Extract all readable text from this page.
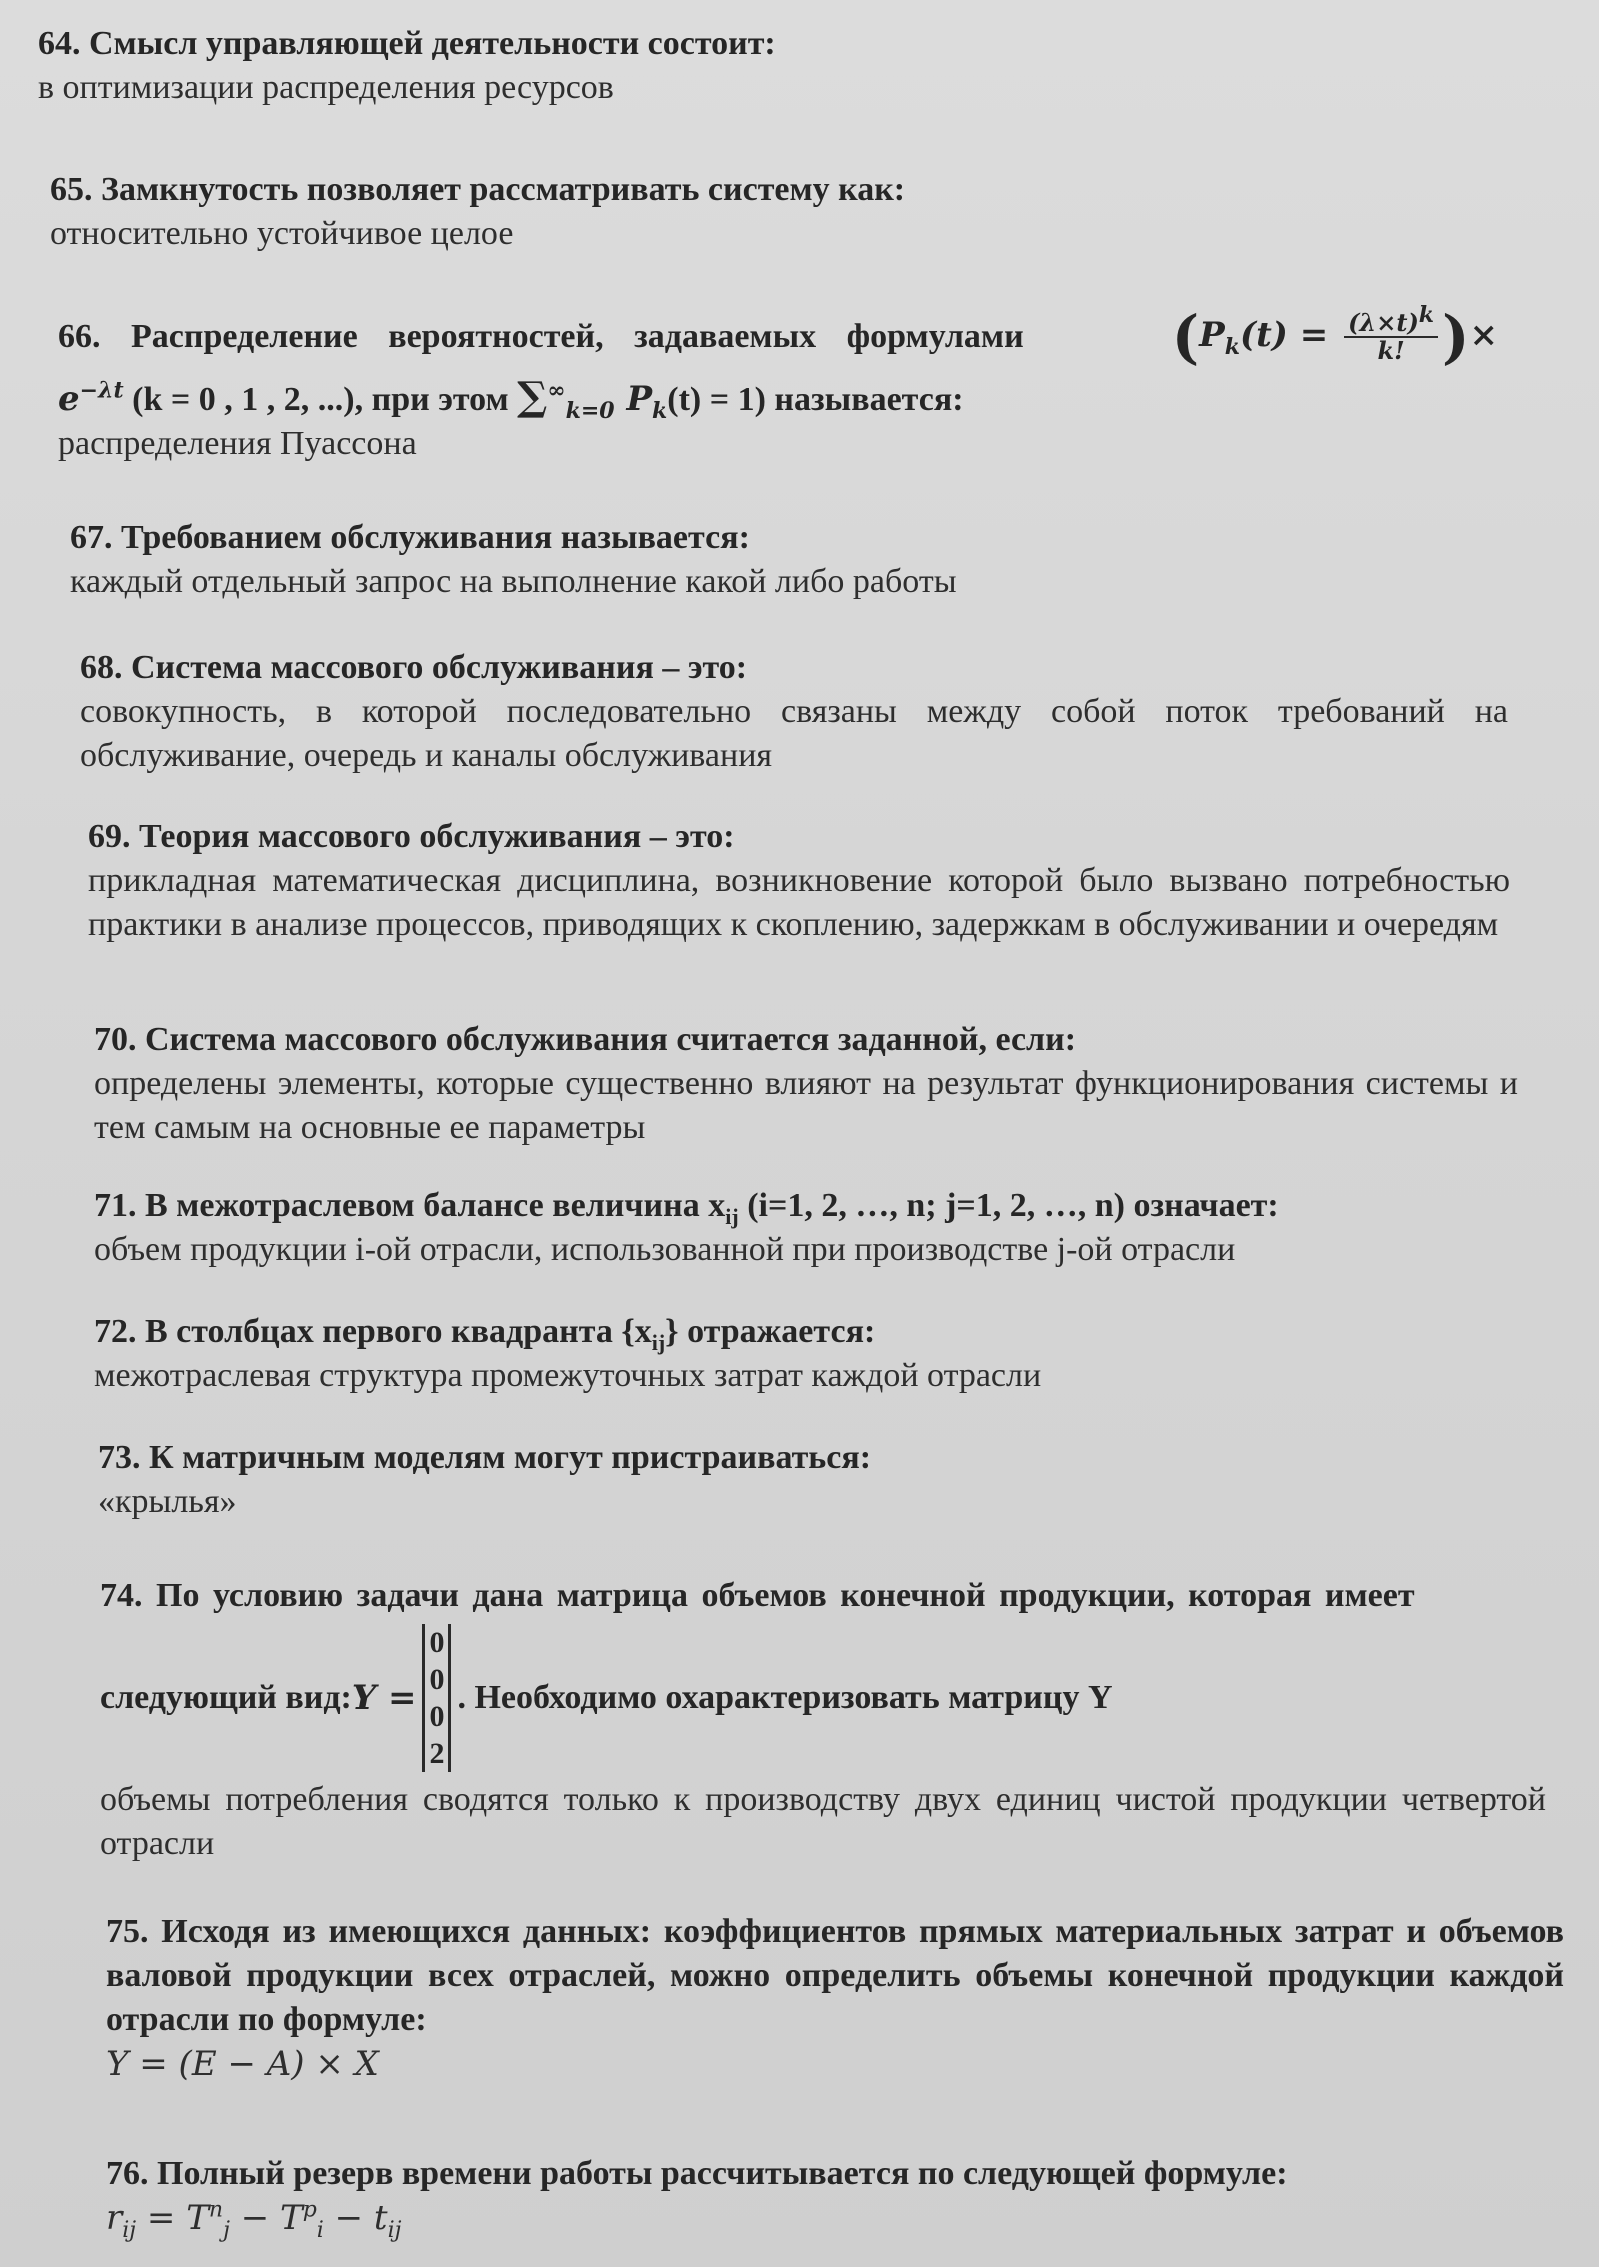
64. Смысл управляющей деятельности состоит:
в оптимизации распределения ресурсов
65. Замкнутость позволяет рассматривать систему как:
относительно устойчивое целое
66. Распределение вероятностей, задаваемых формулами	($P_k(t) = \frac{(\lambda\times t)^k}{k!}$ )×
$e^{-\lambda t}$ (k = 0 , 1 , 2, ...), при этом $\sum^\infty_{k=0}$ $P_k(t) = 1$) называется:
распределения Пуассона
67. Требованием обслуживания называется:
каждый отдельный запрос на выполнение какой либо работы
68. Система массового обслуживания – это:
совокупность, в которой последовательно связаны между собой поток требований на обслуживание, очередь и каналы обслуживания
69. Теория массового обслуживания – это:
прикладная математическая дисциплина, возникновение которой было вызвано потребностью практики в анализе процессов, приводящих к скоплению, задержкам в обслуживании и очередям
70. Система массового обслуживания считается заданной, если:
определены элементы, которые существенно влияют на результат функционирования системы и тем самым на основные ее параметры
71. В межотраслевом балансе величина $x_{ij}$ (i=1, 2, …, n; j=1, 2, …, n) означает:
объем продукции i-ой отрасли, использованной при производстве j-ой отрасли
72. В столбцах первого квадранта $\{x_{ij}\}$ отражается:
межотраслевая структура промежуточных затрат каждой отрасли
73. К матричным моделям могут пристраиваться:
«крылья»
74. По условию задачи дана матрица объемов конечной продукции, которая имеет
следующий вид: Y =
0
0
0
2
. Необходимо охарактеризовать матрицу Y
объемы потребления сводятся только к производству двух единиц чистой продукции четвертой отрасли
75. Исходя из имеющихся данных: коэффициентов прямых материальных затрат и объемов валовой продукции всех отраслей, можно определить объемы конечной продукции каждой отрасли по формуле:
Y = (E − A) × X
76. Полный резерв времени работы рассчитывается по следующей формуле:
$r_{ij} = T^п_j - T^р_i - t_{ij}$
